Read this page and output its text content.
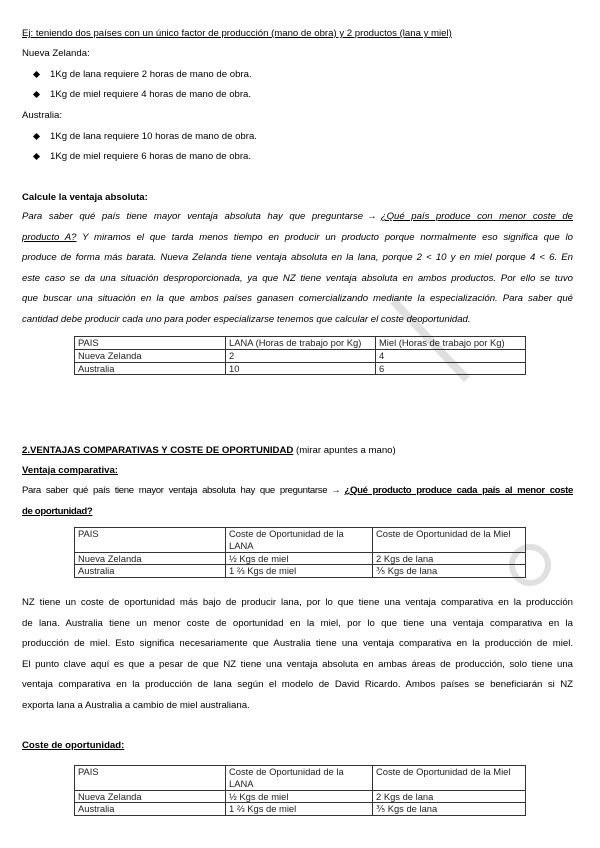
Ej: teniendo dos países con un único factor de producción (mano de obra) y 2 productos (lana y miel)
Nueva Zelanda:
1Kg de lana requiere 2 horas de mano de obra.
1Kg de miel requiere 4 horas de mano de obra.
Australia:
1Kg de lana requiere 10 horas de mano de obra.
1Kg de miel requiere 6 horas de mano de obra.
Calcule la ventaja absoluta:
Para saber qué país tiene mayor ventaja absoluta hay que preguntarse → ¿Qué país produce con menor coste de
producto A? Y miramos el que tarda menos tiempo en producir un producto porque normalmente eso significa que lo
produce de forma más barata. Nueva Zelanda tiene ventaja absoluta en la lana, porque 2 < 10 y en miel porque 4 < 6. En
este caso se da una situación desproporcionada, ya que NZ tiene ventaja absoluta en ambos productos. Por ello se tuvo
que buscar una situación en la que ambos países ganasen comercializando mediante la especialización. Para saber qué
cantidad debe producir cada uno para poder especializarse tenemos que calcular el coste deoportunidad.
PAIS	LANA (Horas de trabajo por Kg)	Miel (Horas de trabajo por Kg)
Nueva Zelanda	2	4
Australia	10	6
2.VENTAJAS COMPARATIVAS Y COSTE DE OPORTUNIDAD (mirar apuntes a mano)
Ventaja comparativa:
Para saber qué país tiene mayor ventaja absoluta hay que preguntarse → ¿Qué producto produce cada país al menor coste
de oportunidad?
PAIS	Coste de Oportunidad de la LANA	Coste de Oportunidad de la Miel
Nueva Zelanda	½ Kgs de miel	2 Kgs de lana
Australia	1 ⅔ Kgs de miel	⅗ Kgs de lana
NZ tiene un coste de oportunidad más bajo de producir lana, por lo que tiene una ventaja comparativa en la producción
de lana. Australia tiene un menor coste de oportunidad en la miel, por lo que tiene una ventaja comparativa en la
producción de miel. Esto significa necesariamente que Australia tiene una ventaja comparativa en la producción de miel.
El punto clave aquí es que a pesar de que NZ tiene una ventaja absoluta en ambas áreas de producción, solo tiene una
ventaja comparativa en la producción de lana según el modelo de David Ricardo. Ambos países se beneficiarán si NZ
exporta lana a Australia a cambio de miel australiana.
Coste de oportunidad:
PAIS	Coste de Oportunidad de la LANA	Coste de Oportunidad de la Miel
Nueva Zelanda	½ Kgs de miel	2 Kgs de lana
Australia	1 ⅔ Kgs de miel	⅗ Kgs de lana
